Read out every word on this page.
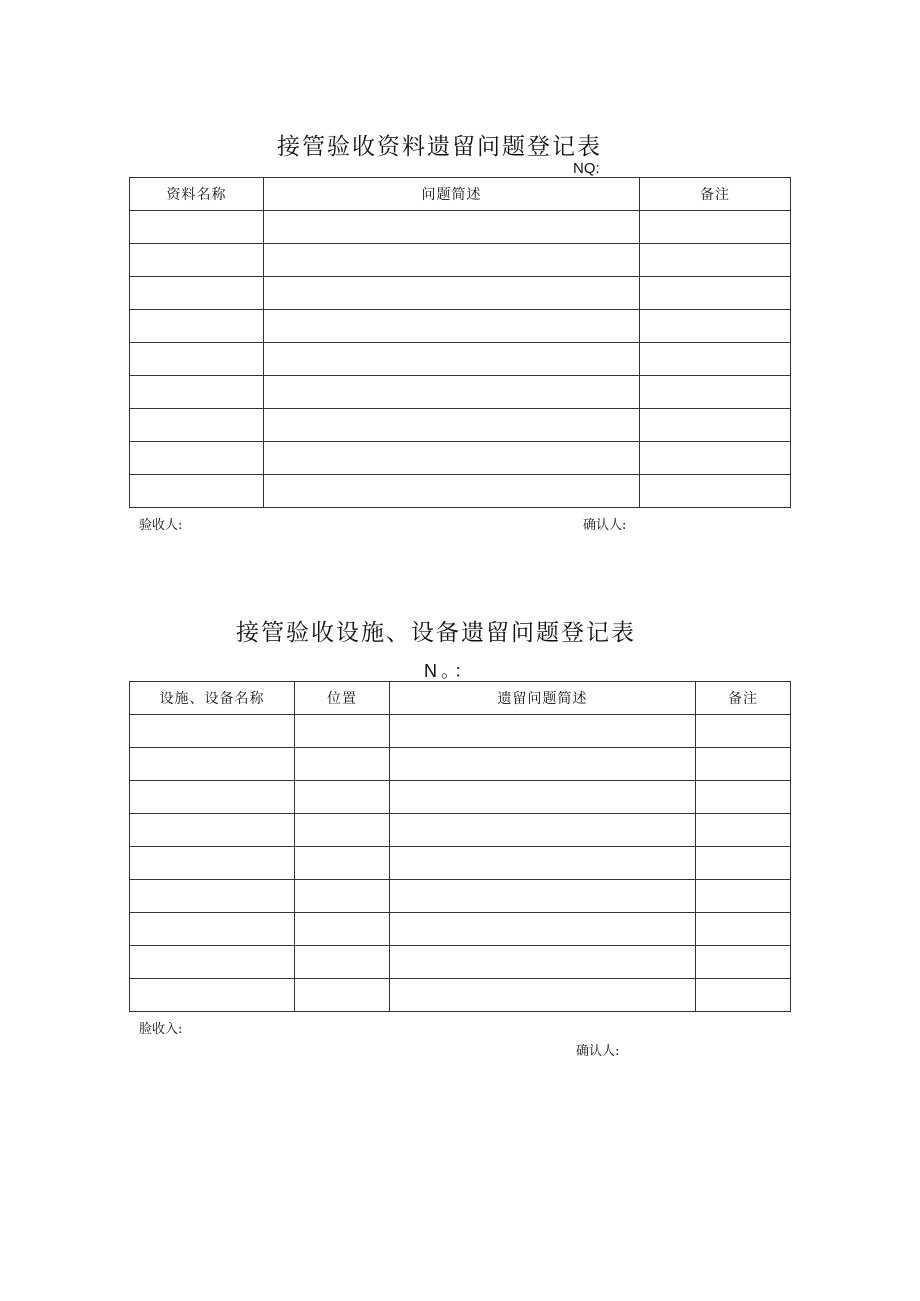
接管验收资料遗留问题登记表
NQ:
资料名称	问题简述	备注

验收人:	确认人:
接管验收设施、设备遗留问题登记表
N。：
设施、设备名称	位置	遗留问题简述	备注

脸收入:
确认人:
